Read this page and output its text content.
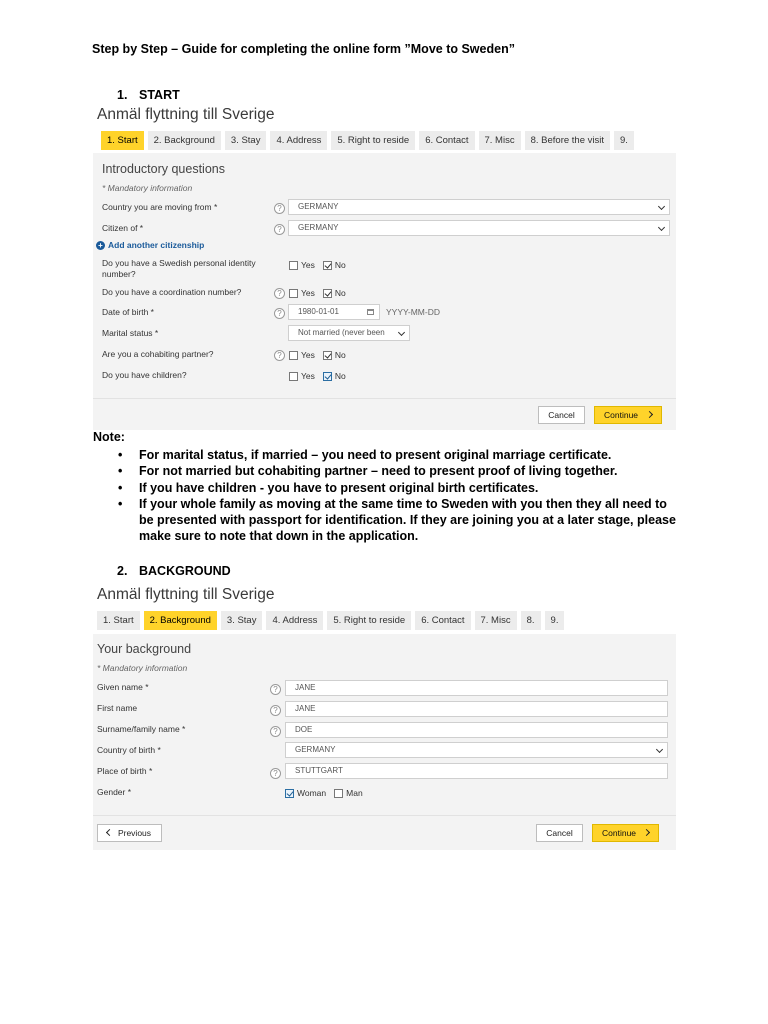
Step by Step – Guide for completing the online form ”Move to Sweden”
1. START
Anmäl flyttning till Sverige
1. Start	2. Background	3. Stay	4. Address	5. Right to reside	6. Contact	7. Misc	8. Before the visit	9.
Introductory questions
* Mandatory information
Country you are moving from *	?	GERMANY
Citizen of *	?	GERMANY
+ Add another citizenship
Do you have a Swedish personal identity number?
Yes No
Do you have a coordination number?	?	Yes No
Date of birth *	?	1980-01-01	YYYY-MM-DD
Marital status *	Not married (never been
Are you a cohabiting partner?	?	Yes No
Do you have children?	Yes No
Cancel	Continue
Note:
• For marital status, if married – you need to present original marriage certificate.
• For not married but cohabiting partner – need to present proof of living together.
• If you have children - you have to present original birth certificates.
• If your whole family as moving at the same time to Sweden with you then they all need to be presented with passport for identification. If they are joining you at a later stage, please make sure to note that down in the application.
2. BACKGROUND
Anmäl flyttning till Sverige
1. Start	2. Background	3. Stay	4. Address	5. Right to reside	6. Contact	7. Misc	8.	9.
Your background
* Mandatory information
Given name *	?	JANE
First name	?	JANE
Surname/family name *	?	DOE
Country of birth *	GERMANY
Place of birth *	?	STUTTGART
Gender *	Woman Man
Previous	Cancel	Continue
